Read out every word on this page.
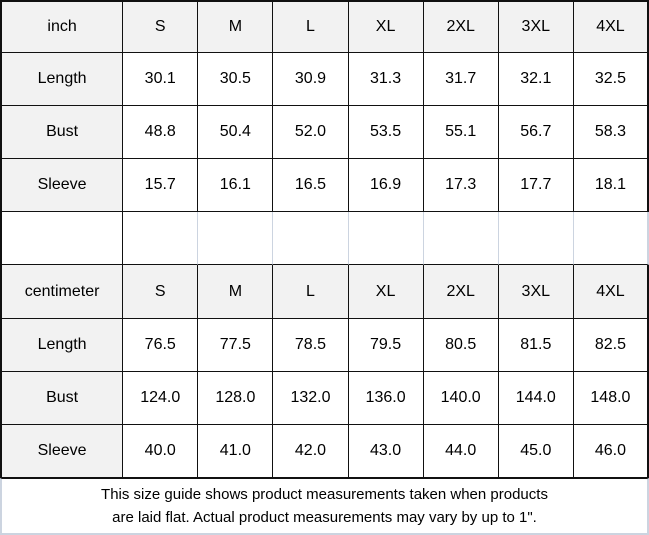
inch	S	M	L	XL	2XL	3XL	4XL
Length	30.1	30.5	30.9	31.3	31.7	32.1	32.5
Bust	48.8	50.4	52.0	53.5	55.1	56.7	58.3
Sleeve	15.7	16.1	16.5	16.9	17.3	17.7	18.1

centimeter	S	M	L	XL	2XL	3XL	4XL
Length	76.5	77.5	78.5	79.5	80.5	81.5	82.5
Bust	124.0	128.0	132.0	136.0	140.0	144.0	148.0
Sleeve	40.0	41.0	42.0	43.0	44.0	45.0	46.0

This size guide shows product measurements taken when products
are laid flat. Actual product measurements may vary by up to 1".							
